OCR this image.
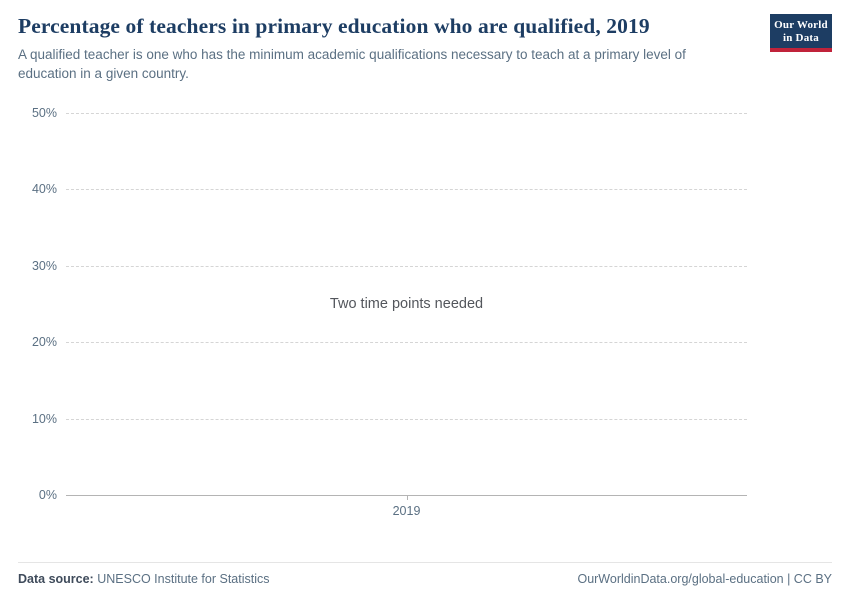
Percentage of teachers in primary education who are qualified, 2019

A qualified teacher is one who has the minimum academic qualifications necessary to teach at a primary level of education in a given country.

Our World
in Data
0%
10%
20%
30%
40%
50%
2019
Two time points needed
Data source: UNESCO Institute for Statistics	OurWorldinData.org/global-education | CC BY
